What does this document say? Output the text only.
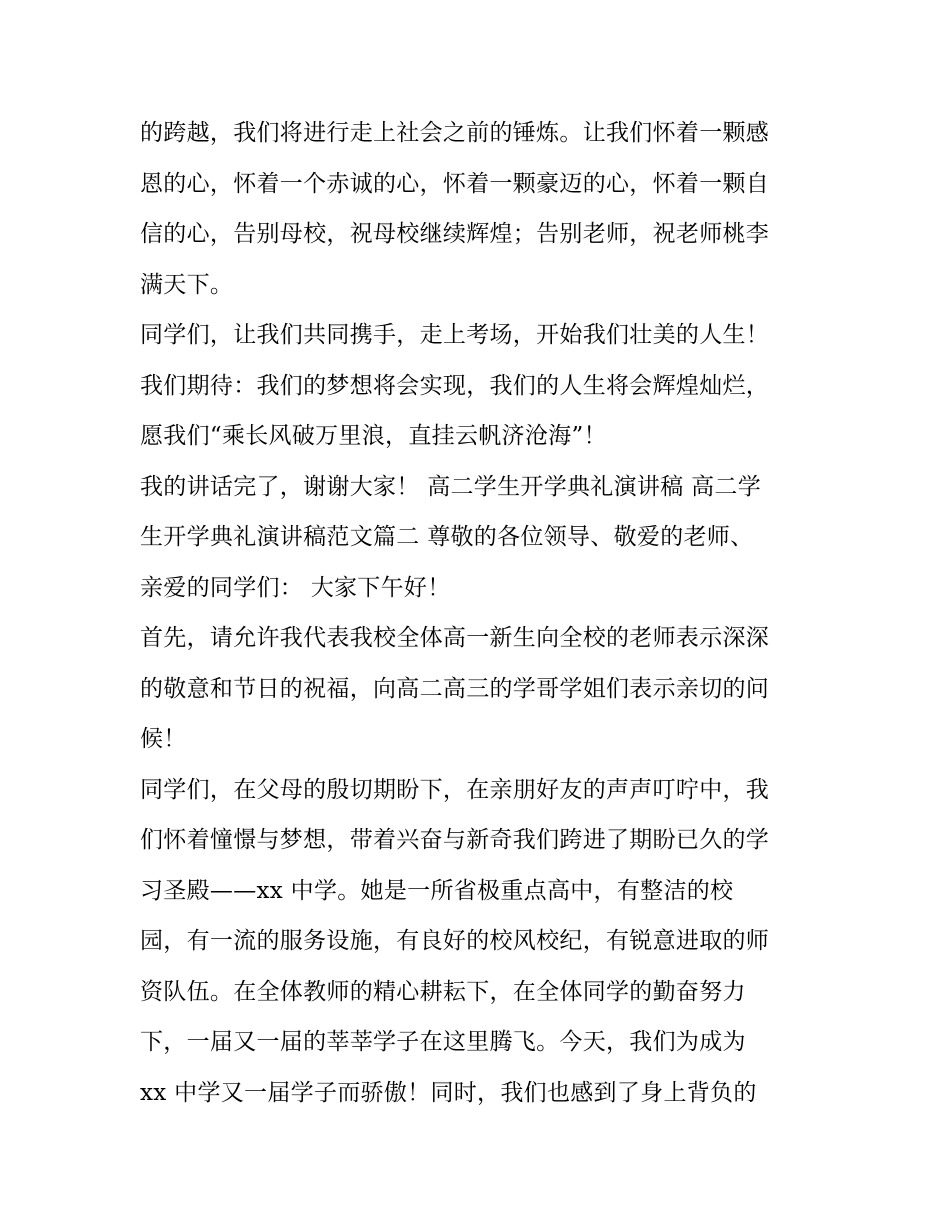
的跨越，我们将进行走上社会之前的锤炼。让我们怀着一颗感
恩的心，怀着一个赤诚的心，怀着一颗豪迈的心，怀着一颗自
信的心，告别母校，祝母校继续辉煌；告别老师，祝老师桃李
满天下。
同学们，让我们共同携手，走上考场，开始我们壮美的人生！
我们期待：我们的梦想将会实现，我们的人生将会辉煌灿烂，
愿我们“乘长风破万里浪，直挂云帆济沧海”！
我的讲话完了，谢谢大家！ 高二学生开学典礼演讲稿 高二学
生开学典礼演讲稿范文篇二 尊敬的各位领导、敬爱的老师、
亲爱的同学们： 大家下午好！
首先，请允许我代表我校全体高一新生向全校的老师表示深深
的敬意和节日的祝福，向高二高三的学哥学姐们表示亲切的问
候！
同学们，在父母的殷切期盼下，在亲朋好友的声声叮咛中，我
们怀着憧憬与梦想，带着兴奋与新奇我们跨进了期盼已久的学
习圣殿——xx 中学。她是一所省极重点高中，有整洁的校
园，有一流的服务设施，有良好的校风校纪，有锐意进取的师
资队伍。在全体教师的精心耕耘下，在全体同学的勤奋努力
下，一届又一届的莘莘学子在这里腾飞。今天，我们为成为
xx 中学又一届学子而骄傲！同时，我们也感到了身上背负的
